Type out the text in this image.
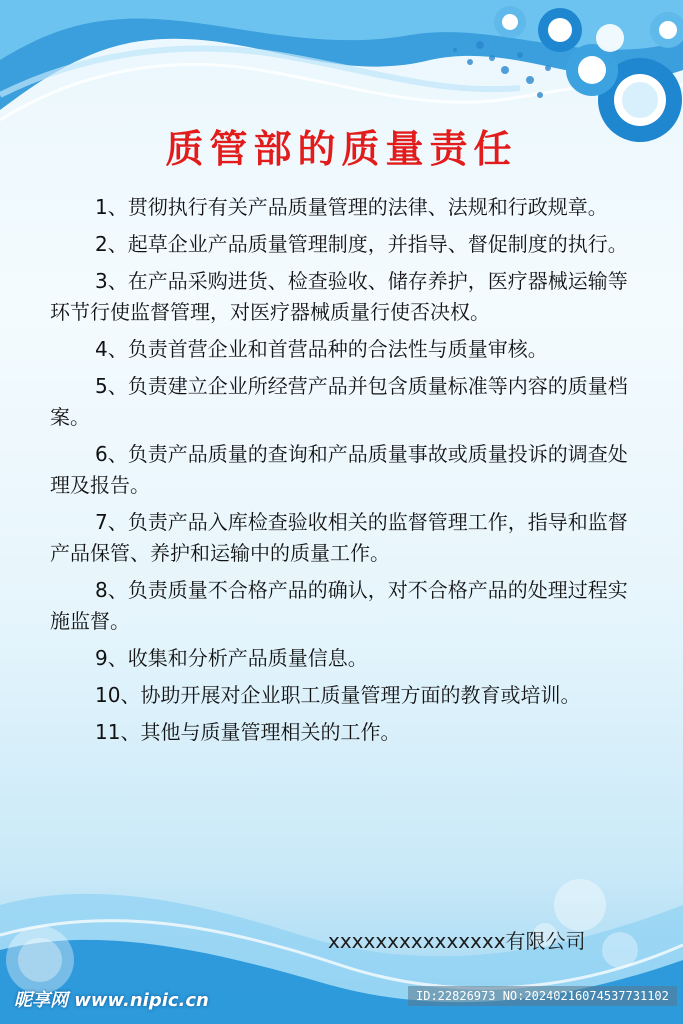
质管部的质量责任

1、贯彻执行有关产品质量管理的法律、法规和行政规章。

2、起草企业产品质量管理制度，并指导、督促制度的执行。

3、在产品采购进货、检查验收、储存养护，医疗器械运输等环节行使监督管理，对医疗器械质量行使否决权。

4、负责首营企业和首营品种的合法性与质量审核。

5、负责建立企业所经营产品并包含质量标准等内容的质量档案。

6、负责产品质量的查询和产品质量事故或质量投诉的调查处理及报告。

7、负责产品入库检查验收相关的监督管理工作，指导和监督产品保管、养护和运输中的质量工作。

8、负责质量不合格产品的确认，对不合格产品的处理过程实施监督。

9、收集和分析产品质量信息。

10、协助开展对企业职工质量管理方面的教育或培训。

11、其他与质量管理相关的工作。

xxxxxxxxxxxxxxx有限公司
昵享网 www.nipic.cn	ID:22826973 NO:20240216074537731102
